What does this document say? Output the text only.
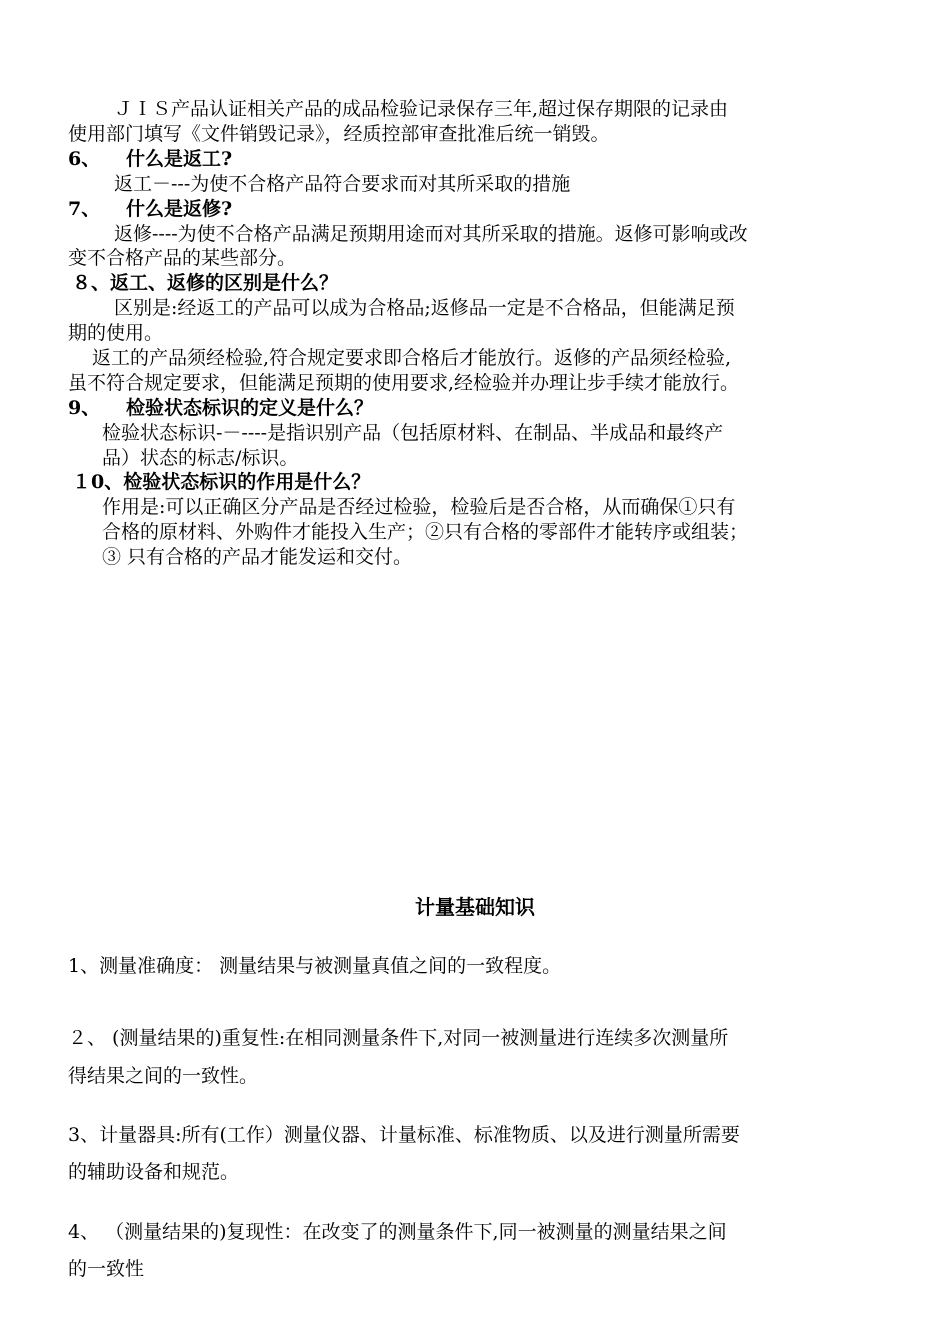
ＪＩＳ产品认证相关产品的成品检验记录保存三年,超过保存期限的记录由
使用部门填写《文件销毁记录》，经质控部审查批准后统一销毁。
6、 什么是返工?
返工－---为使不合格产品符合要求而对其所采取的措施
7、 什么是返修?
返修----为使不合格产品满足预期用途而对其所采取的措施。返修可影响或改
变不合格产品的某些部分。
８、返工、返修的区别是什么？
区别是:经返工的产品可以成为合格品;返修品一定是不合格品，但能满足预
期的使用。
返工的产品须经检验,符合规定要求即合格后才能放行。返修的产品须经检验,
虽不符合规定要求，但能满足预期的使用要求,经检验并办理让步手续才能放行。
9、 检验状态标识的定义是什么？
检验状态标识-－----是指识别产品（包括原材料、在制品、半成品和最终产
品）状态的标志/标识。
１0、检验状态标识的作用是什么？
作用是:可以正确区分产品是否经过检验，检验后是否合格，从而确保①只有
合格的原材料、外购件才能投入生产；②只有合格的零部件才能转序或组装；
③ 只有合格的产品才能发运和交付。
计量基础知识
1、测量准确度： 测量结果与被测量真值之间的一致程度。
２、 (测量结果的)重复性:在相同测量条件下,对同一被测量进行连续多次测量所
得结果之间的一致性。
3、计量器具:所有(工作）测量仪器、计量标准、标准物质、以及进行测量所需要
的辅助设备和规范。
4、 （测量结果的)复现性：在改变了的测量条件下,同一被测量的测量结果之间
的一致性
